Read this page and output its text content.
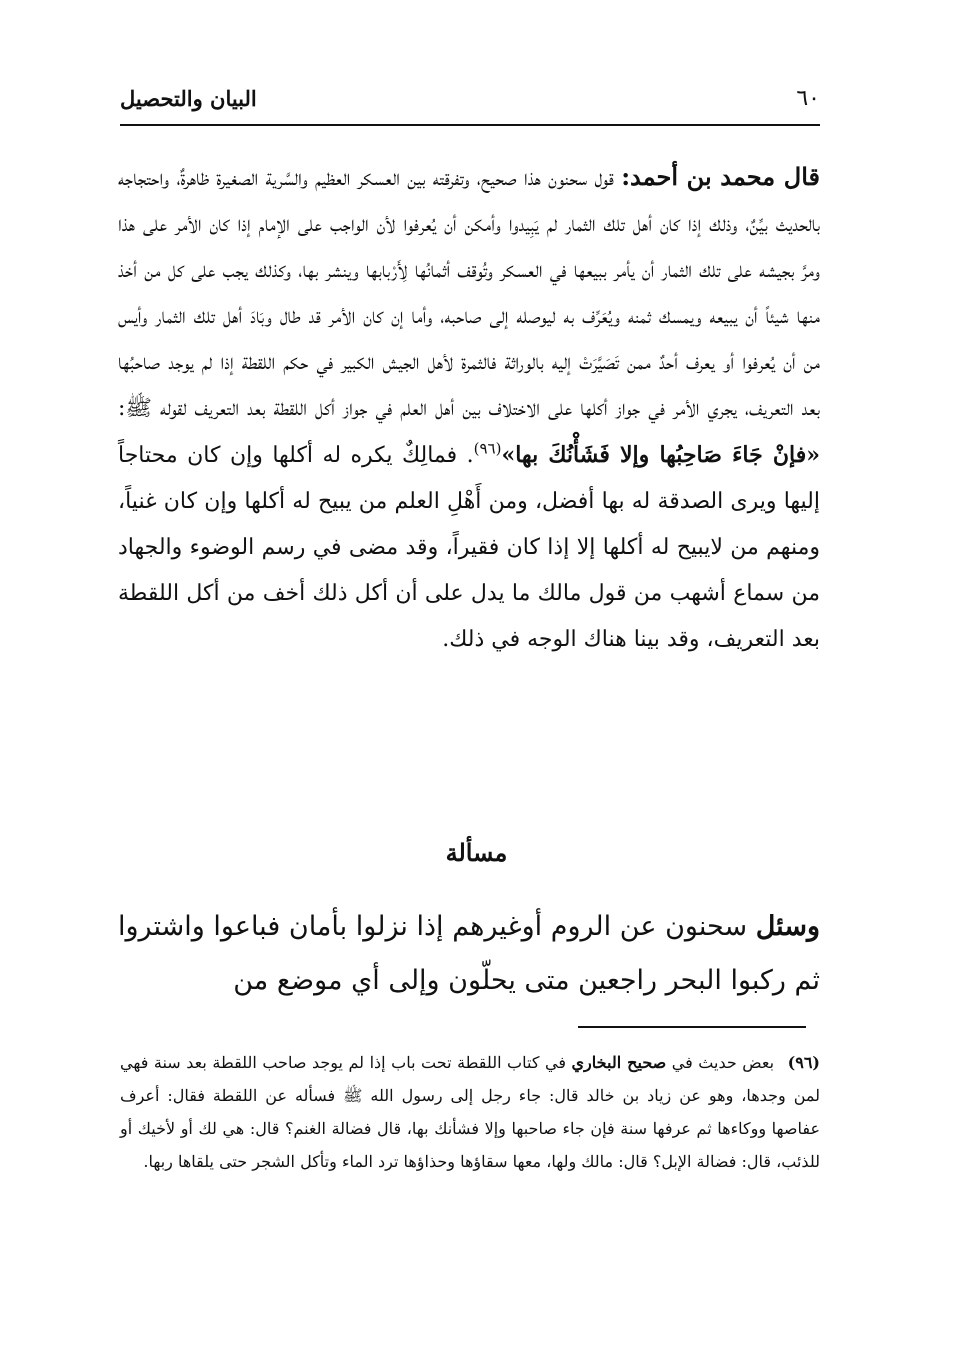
٦٠
البيان والتحصيل

قال محمد بن أحمد: قول سحنون هذا صحيح، وتفرقته بين العسكر العظيم والسَّرية الصغيرة ظاهرةٌ، واحتجاجه بالحديث بيِّنٌ، وذلك إذا كان أهل تلك الثمار لم يَبِيدوا وأمكن أن يُعرفوا لأن الواجب على الإمام إذا كان الأمر على هذا ومرَّ بجيشه على تلك الثمار أن يأمر ببيعها في العسكر وتُوقف أثمانُها لِأَرْبابها وينشر بها، وكذلك يجب على كل من أخذ منها شيئاً أن يبيعه ويمسك ثمنه ويُعَرِّف به ليوصله إلى صاحبه، وأما إن كان الأمر قد طال وبَادَ أهل تلك الثمار وأيس من أن يُعرفوا أو يعرف أحدٌ ممن تَصَيَّرَتْ إليه بالوراثة فالثمرة لأهل الجيش الكبير في حكم اللقطة إذا لم يوجد صاحبُها بعد التعريف، يجري الأمر في جواز أكلها على الاختلاف بين أهل العلم في جواز أكل اللقطة بعد التعريف لقوله ﷺ: «فإنْ جَاءَ صَاحِبُها وإلا فَشَأْنُكَ بها»$^{(٩٦)}$. فمالِكٌ يكره له أكلها وإن كان محتاجاً إليها ويرى الصدقة له بها أفضل، ومن أَهْلِ العلم من يبيح له أكلها وإن كان غنياً، ومنهم من لايبيح له أكلها إلا إذا كان فقيراً، وقد مضى في رسم الوضوء والجهاد من سماع أشهب من قول مالك ما يدل على أن أكل ذلك أخف من أكل اللقطة بعد التعريف، وقد بينا هناك الوجه في ذلك.

مسألة

وسئل سحنون عن الروم أوغيرهم إذا نزلوا بأمان فباعوا واشتروا ثم ركبوا البحر راجعين متى يحلّون وإلى أي موضع من

(٩٦) بعض حديث في صحيح البخاري في كتاب اللقطة تحت باب إذا لم يوجد صاحب اللقطة بعد سنة فهي لمن وجدها، وهو عن زياد بن خالد قال: جاء رجل إلى رسول الله ﷺ فسأله عن اللقطة فقال: أعرف عفاصها ووكاءها ثم عرفها سنة فإن جاء صاحبها وإلا فشأنك بها، قال فضالة الغنم؟ قال: هي لك أو لأخيك أو للذئب، قال: فضالة الإبل؟ قال: مالك ولها، معها سقاؤها وحذاؤها ترد الماء وتأكل الشجر حتى يلقاها ربها.
